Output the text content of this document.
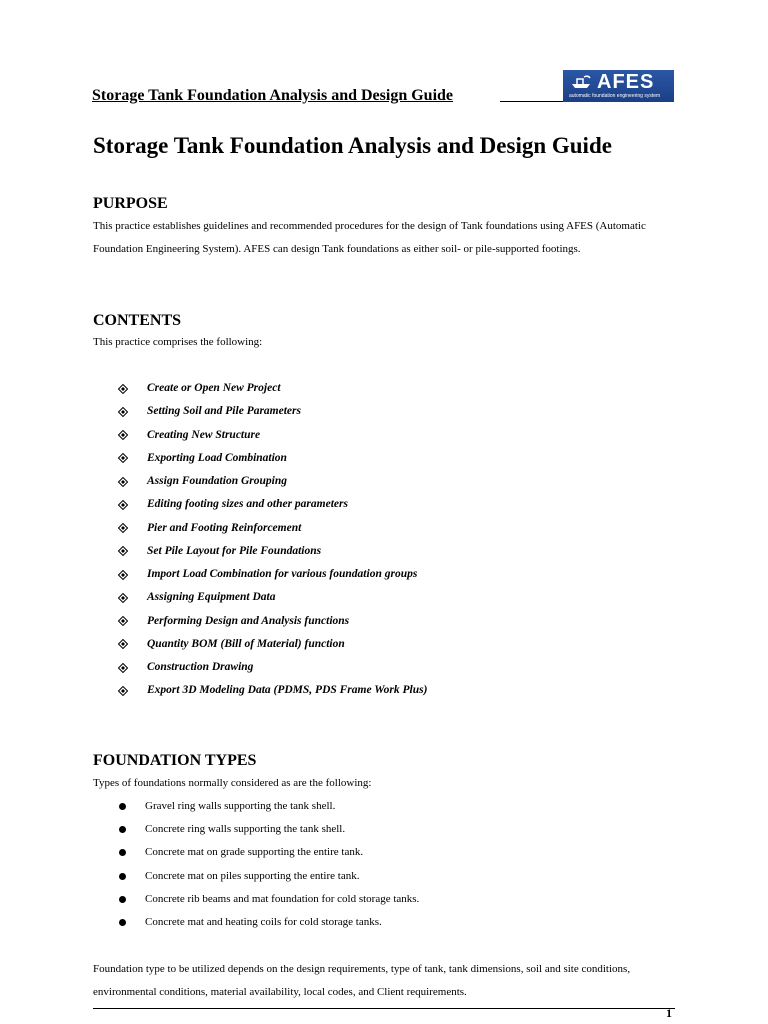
Storage Tank Foundation Analysis and Design Guide
AFES
automatic foundation engineering system
Storage Tank Foundation Analysis and Design Guide
PURPOSE

This practice establishes guidelines and recommended procedures for the design of Tank foundations using AFES (Automatic Foundation Engineering System). AFES can design Tank foundations as either soil- or pile-supported footings.

CONTENTS

This practice comprises the following:

Create or Open New Project
Setting Soil and Pile Parameters
Creating New Structure
Exporting Load Combination
Assign Foundation Grouping
Editing footing sizes and other parameters
Pier and Footing Reinforcement
Set Pile Layout for Pile Foundations
Import Load Combination for various foundation groups
Assigning Equipment Data
Performing Design and Analysis functions
Quantity BOM (Bill of Material) function
Construction Drawing
Export 3D Modeling Data (PDMS, PDS Frame Work Plus)
FOUNDATION TYPES

Types of foundations normally considered as are the following:

Gravel ring walls supporting the tank shell.
Concrete ring walls supporting the tank shell.
Concrete mat on grade supporting the entire tank.
Concrete mat on piles supporting the entire tank.
Concrete rib beams and mat foundation for cold storage tanks.
Concrete mat and heating coils for cold storage tanks.

Foundation type to be utilized depends on the design requirements, type of tank, tank dimensions, soil and site conditions, environmental conditions, material availability, local codes, and Client requirements.

1
